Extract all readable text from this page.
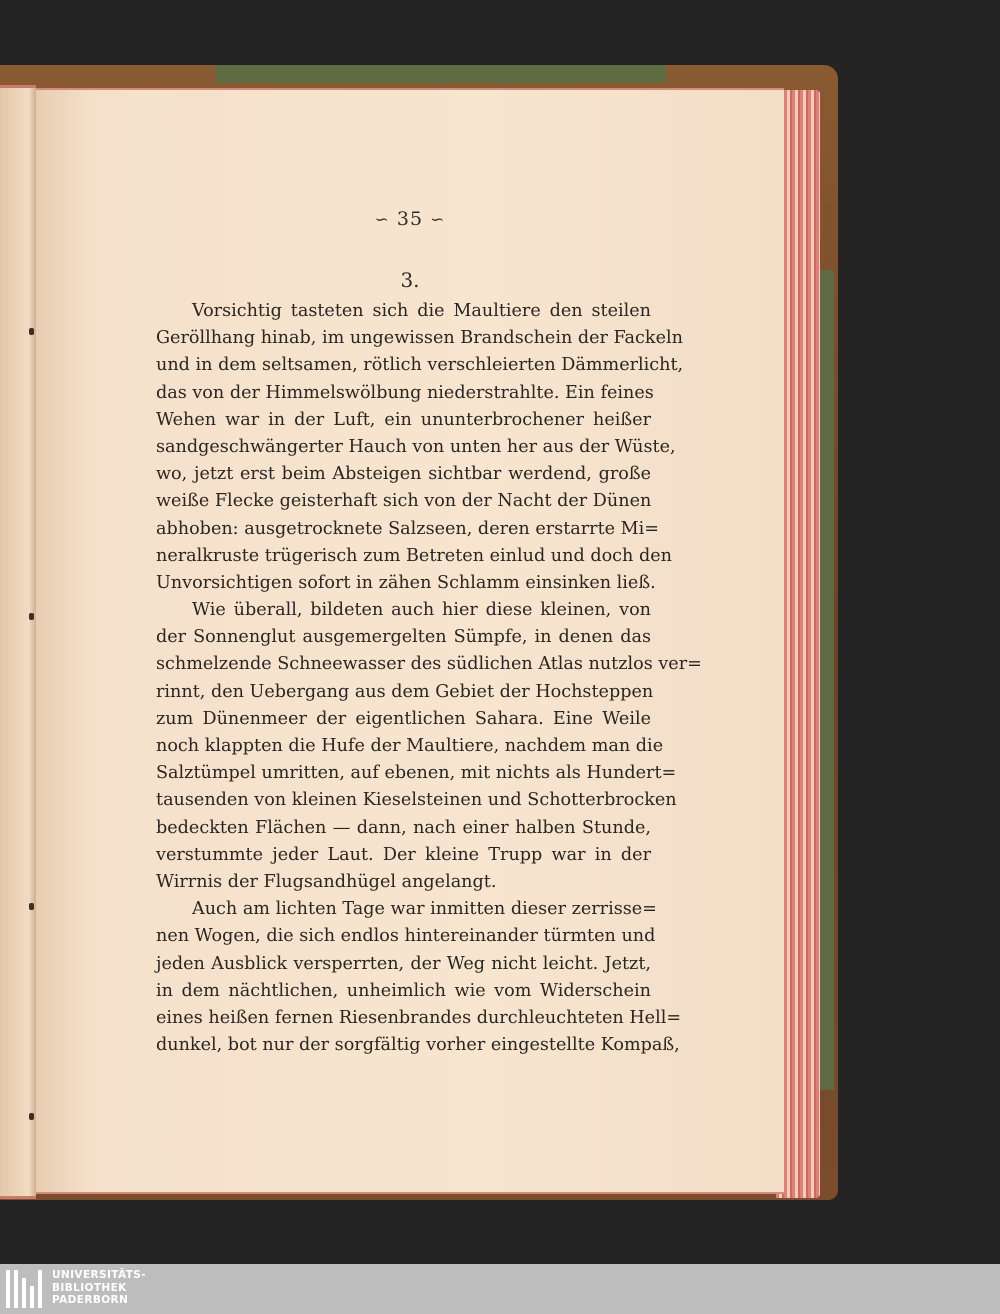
∽ 35 ∽
3.
Vorsichtig tasteten sich die Maultiere den steilen
Geröllhang hinab, im ungewissen Brandschein der Fackeln
und in dem seltsamen, rötlich verschleierten Dämmerlicht,
das von der Himmelswölbung niederstrahlte. Ein feines
Wehen war in der Luft, ein ununterbrochener heißer
sandgeschwängerter Hauch von unten her aus der Wüste,
wo, jetzt erst beim Absteigen sichtbar werdend, große
weiße Flecke geisterhaft sich von der Nacht der Dünen
abhoben: ausgetrocknete Salzseen, deren erstarrte Mi=
neralkruste trügerisch zum Betreten einlud und doch den
Unvorsichtigen sofort in zähen Schlamm einsinken ließ.
Wie überall, bildeten auch hier diese kleinen, von
der Sonnenglut ausgemergelten Sümpfe, in denen das
schmelzende Schneewasser des südlichen Atlas nutzlos ver=
rinnt, den Uebergang aus dem Gebiet der Hochsteppen
zum Dünenmeer der eigentlichen Sahara. Eine Weile
noch klappten die Hufe der Maultiere, nachdem man die
Salztümpel umritten, auf ebenen, mit nichts als Hundert=
tausenden von kleinen Kieselsteinen und Schotterbrocken
bedeckten Flächen — dann, nach einer halben Stunde,
verstummte jeder Laut. Der kleine Trupp war in der
Wirrnis der Flugsandhügel angelangt.
Auch am lichten Tage war inmitten dieser zerrisse=
nen Wogen, die sich endlos hintereinander türmten und
jeden Ausblick versperrten, der Weg nicht leicht. Jetzt,
in dem nächtlichen, unheimlich wie vom Widerschein
eines heißen fernen Riesenbrandes durchleuchteten Hell=
dunkel, bot nur der sorgfältig vorher eingestellte Kompaß,
UNIVERSITÄTS-
BIBLIOTHEK
PADERBORN
